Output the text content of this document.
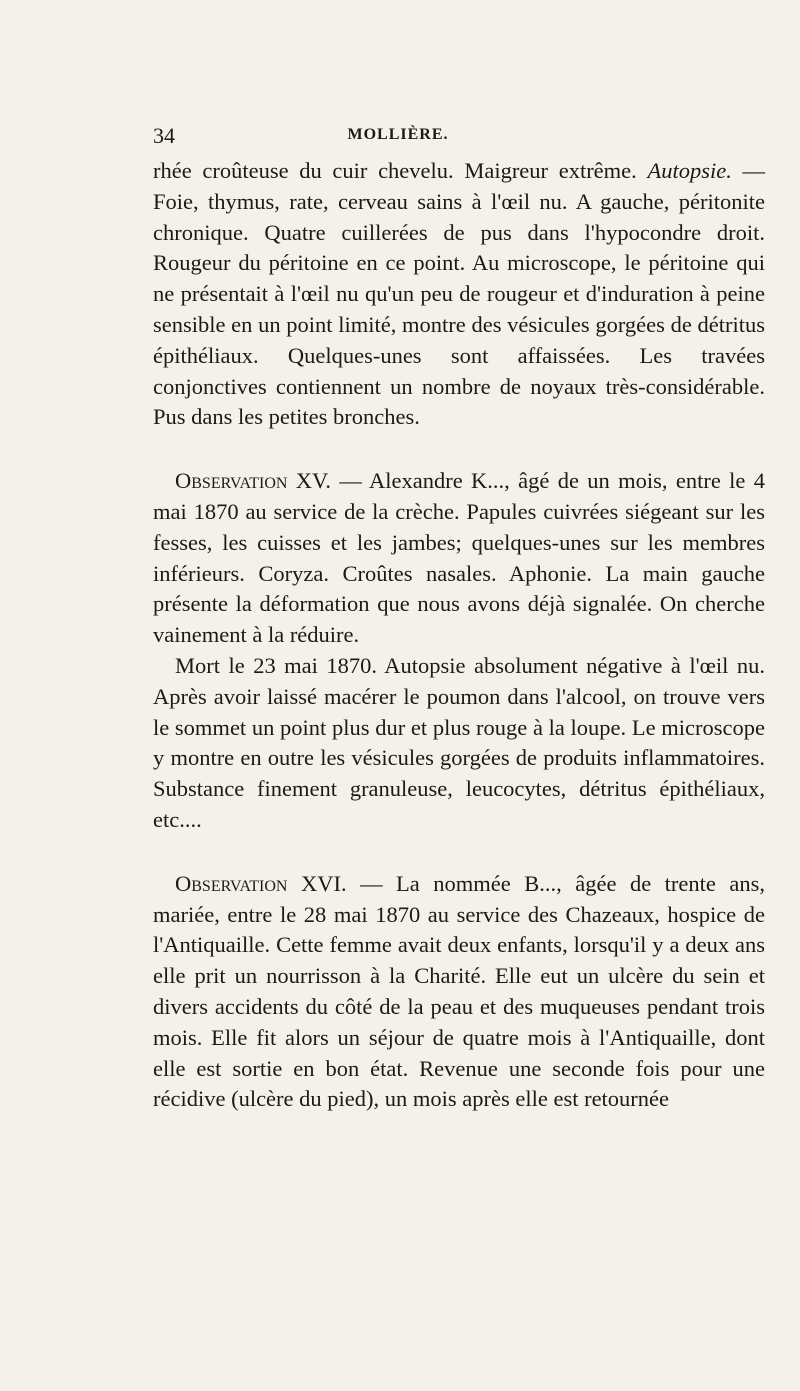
34	MOLLIÈRE.

rhée croûteuse du cuir chevelu. Maigreur extrême. Autopsie. — Foie, thymus, rate, cerveau sains à l'œil nu. A gauche, péritonite chronique. Quatre cuillerées de pus dans l'hypocondre droit. Rougeur du péritoine en ce point. Au microscope, le péritoine qui ne présentait à l'œil nu qu'un peu de rougeur et d'induration à peine sensible en un point limité, montre des vésicules gorgées de détritus épithéliaux. Quelques-unes sont affaissées. Les travées conjonctives contiennent un nombre de noyaux très-considérable. Pus dans les petites bronches.

Observation XV. — Alexandre K..., âgé de un mois, entre le 4 mai 1870 au service de la crèche. Papules cuivrées siégeant sur les fesses, les cuisses et les jambes; quelques-unes sur les membres inférieurs. Coryza. Croûtes nasales. Aphonie. La main gauche présente la déformation que nous avons déjà signalée. On cherche vainement à la réduire.

Mort le 23 mai 1870. Autopsie absolument négative à l'œil nu. Après avoir laissé macérer le poumon dans l'alcool, on trouve vers le sommet un point plus dur et plus rouge à la loupe. Le microscope y montre en outre les vésicules gorgées de produits inflammatoires. Substance finement granuleuse, leucocytes, détritus épithéliaux, etc....

Observation XVI. — La nommée B..., âgée de trente ans, mariée, entre le 28 mai 1870 au service des Chazeaux, hospice de l'Antiquaille. Cette femme avait deux enfants, lorsqu'il y a deux ans elle prit un nourrisson à la Charité. Elle eut un ulcère du sein et divers accidents du côté de la peau et des muqueuses pendant trois mois. Elle fit alors un séjour de quatre mois à l'Antiquaille, dont elle est sortie en bon état. Revenue une seconde fois pour une récidive (ulcère du pied), un mois après elle est retournée
